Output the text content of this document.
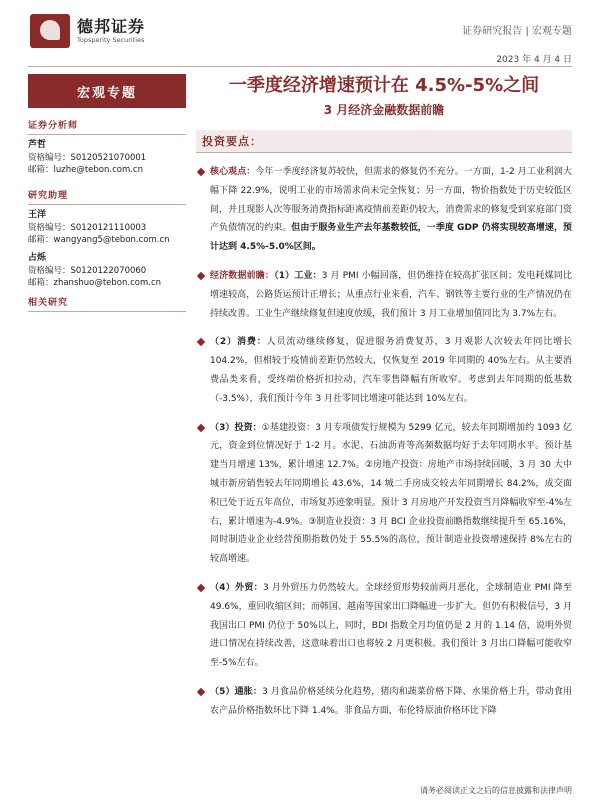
德邦证券
Topsperity Securities
证券研究报告 | 宏观专题
2023 年 4 月 4 日
宏观专题	一季度经济增速预计在 4.5%-5%之间
3 月经济金融数据前瞻
证券分析师
芦哲
资格编号：S0120521070001
邮箱：luzhe@tebon.com.cn
研究助理
王洋
资格编号：S0120121110003
邮箱：wangyang5@tebon.com.cn
占烁
资格编号：S0120122070060
邮箱：zhanshuo@tebon.com.cn
相关研究
投资要点：
核心观点：今年一季度经济复苏较快，但需求的修复仍不充分。一方面，1-2 月工业利润大幅下降 22.9%，说明工业的市场需求尚未完全恢复；另一方面，物价指数处于历史较低区间，并且现影人次等服务消费指标距离疫情前差距仍较大，消费需求的修复受到家庭部门资产负债情况的约束。但由于服务业生产去年基数较低，一季度 GDP 仍将实现较高增速，预计达到 4.5%-5.0%区间。
经济数据前瞻：（1）工业：3 月 PMI 小幅回落，但仍维持在较高扩张区间；发电耗煤同比增速较高，公路货运预计正增长；从重点行业来看，汽车、钢铁等主要行业的生产情况仍在持续改善。工业生产继续修复但速度放缓，我们预计 3 月工业增加值同比为 3.7%左右。
（2）消费：人员流动继续修复，促进服务消费复苏，3 月观影人次较去年同比增长 104.2%，但相较于疫情前差距仍然较大，仅恢复至 2019 年同期的 40%左右。从主要消费品类来看，受终端价格折扣拉动，汽车零售降幅有所收窄。考虑到去年同期的低基数（-3.5%），我们预计今年 3 月社零同比增速可能达到 10%左右。
（3）投资：①基建投资：3 月专项债发行规模为 5299 亿元，较去年同期增加约 1093 亿元，资金到位情况好于 1-2 月。水泥、石油沥青等高频数据均好于去年同期水平。预计基建当月增速 13%，累计增速 12.7%。②房地产投资：房地产市场持续回暖，3 月 30 大中城市新房销售较去年同期增长 43.6%，14 城二手房成交较去年同期增长 84.2%，成交面积已处于近五年高位，市场复苏迹象明显。预计 3 月房地产开发投资当月降幅收窄至-4%左右，累计增速为-4.9%。③制造业投资：3 月 BCI 企业投资前瞻指数继续提升至 65.16%，同时制造业企业经营预期指数仍处于 55.5%的高位，预计制造业投资增速保持 8%左右的较高增速。
（4）外贸：3 月外贸压力仍然较大。全球经贸形势较前两月恶化，全球制造业 PMI 降至 49.6%，重回收缩区间；而韩国、越南等国家出口降幅进一步扩大。但仍有积极信号，3 月我国出口 PMI 仍位于 50%以上，同时，BDI 指数全月均值仍是 2 月的 1.14 倍，说明外贸进口情况在持续改善，这意味着出口也将较 2 月更积极。我们预计 3 月出口降幅可能收窄至-5%左右。
（5）通胀：3 月食品价格延续分化趋势，猪肉和蔬菜价格下降、水果价格上升，带动食用农产品价格指数环比下降 1.4%。非食品方面，布伦特原油价格环比下降
请务必阅读正文之后的信息披露和法律声明
